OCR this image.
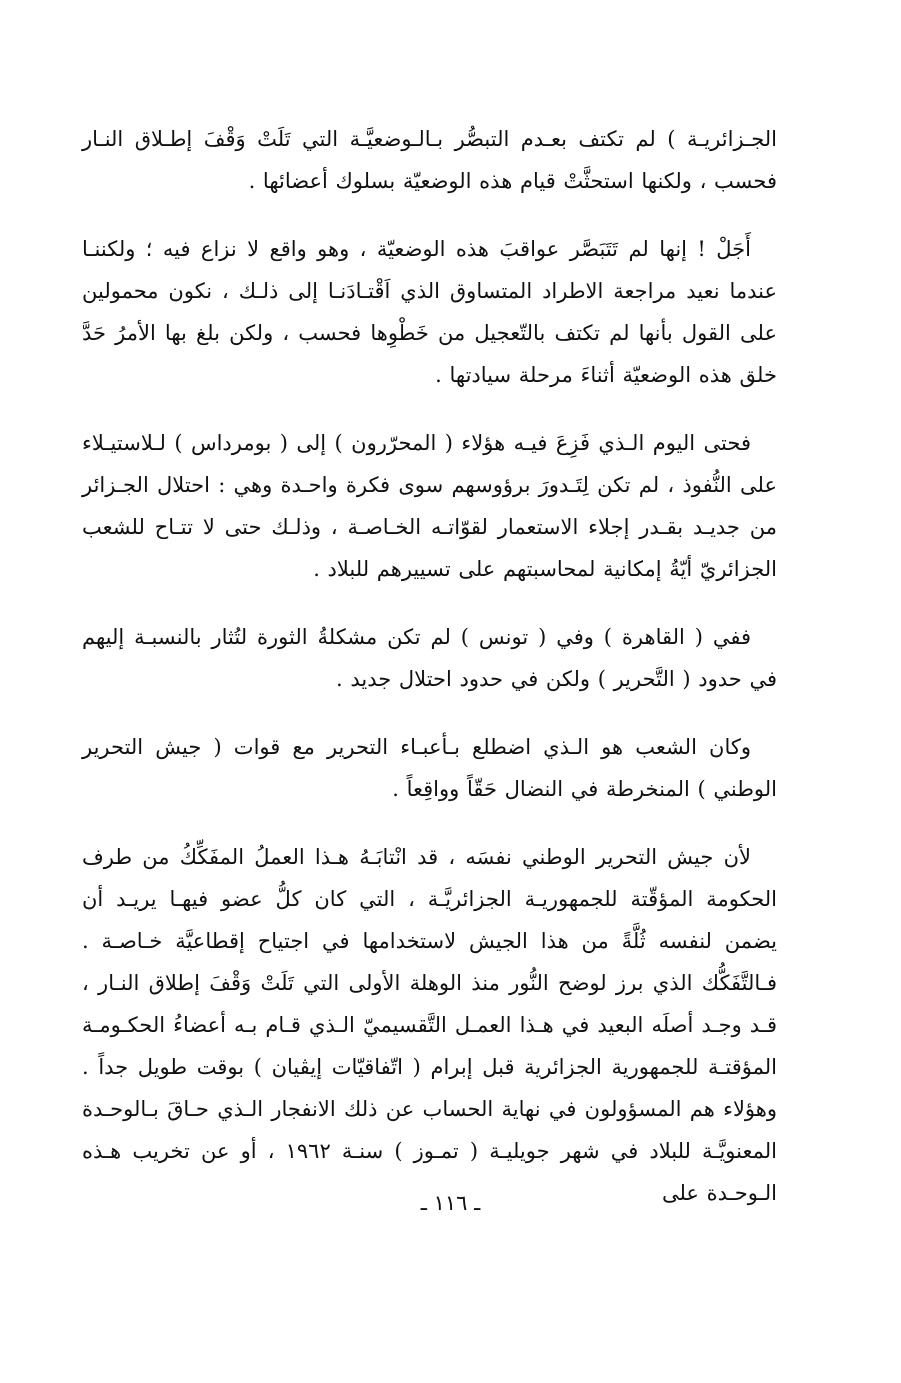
الجـزائريـة ) لم تكتف بعـدم التبصُّر بـالـوضعيَّـة التي تَلَتْ وَقْفَ إطـلاق النـار فحسب ، ولكنها استحثَّتْ قيام هذه الوضعيّة بسلوك أعضائها .

أَجَلْ ! إنها لم تَتَبَصَّر عواقبَ هذه الوضعيّة ، وهو واقع لا نزاع فيه ؛ ولكننـا عندما نعيد مراجعة الاطراد المتساوق الذي اَقْتـادَنـا إلى ذلـك ، نكون محمولين على القول بأنها لم تكتف بالتّعجيل من خَطْوِها فحسب ، ولكن بلغ بها الأمرُ حَدَّ خلق هذه الوضعيّة أثناءَ مرحلة سيادتها .

فحتى اليوم الـذي فَزِعَ فيـه هؤلاء ( المحرّرون ) إلى ( بومرداس ) لـلاستيـلاء على النُّفوذ ، لم تكن لِتَـدورَ برؤوسهم سوى فكرة واحـدة وهي : احتلال الجـزائر من جديـد بقـدر إجلاء الاستعمار لقوّاتـه الخـاصـة ، وذلـك حتى لا تتـاح للشعب الجزائريّ أيّةُ إمكانية لمحاسبتهم على تسييرهم للبلاد .

ففي ( القاهرة ) وفي ( تونس ) لم تكن مشكلةُ الثورة لتُثار بالنسبـة إليهم في حدود ( التَّحرير ) ولكن في حدود احتلال جديد .

وكان الشعب هو الـذي اضطلع بـأعبـاء التحرير مع قوات ( جيش التحرير الوطني ) المنخرطة في النضال حَقّاً وواقِعاً .

لأن جيش التحرير الوطني نفسَه ، قد انْتابَـهُ هـذا العملُ المفَكِّكُ من طرف الحكومة المؤقّتة للجمهوريـة الجزائريَّـة ، التي كان كلُّ عضو فيهـا يريـد أن يضمن لنفسه ثُلَّةً من هذا الجيش لاستخدامها في اجتياح إقطاعيَّة خـاصـة . فـالتَّفَكُّك الذي برز لوضح النُّور منذ الوهلة الأولى التي تَلَتْ وَقْفَ إطلاق النـار ، قـد وجـد أصلَه البعيد في هـذا العمـل التَّقسيميّ الـذي قـام بـه أعضاءُ الحكـومـة المؤقتـة للجمهورية الجزائرية قبل إبرام ( اتّفاقيّات إيڤيان ) بوقت طويل جداً . وهؤلاء هم المسؤولون في نهاية الحساب عن ذلك الانفجار الـذي حـاقَ بـالوحـدة المعنويَّـة للبلاد في شهر جويليـة ( تمـوز ) سنـة ١٩٦٢ ، أو عن تخريب هـذه الـوحـدة على

ـ ١١٦ ـ
